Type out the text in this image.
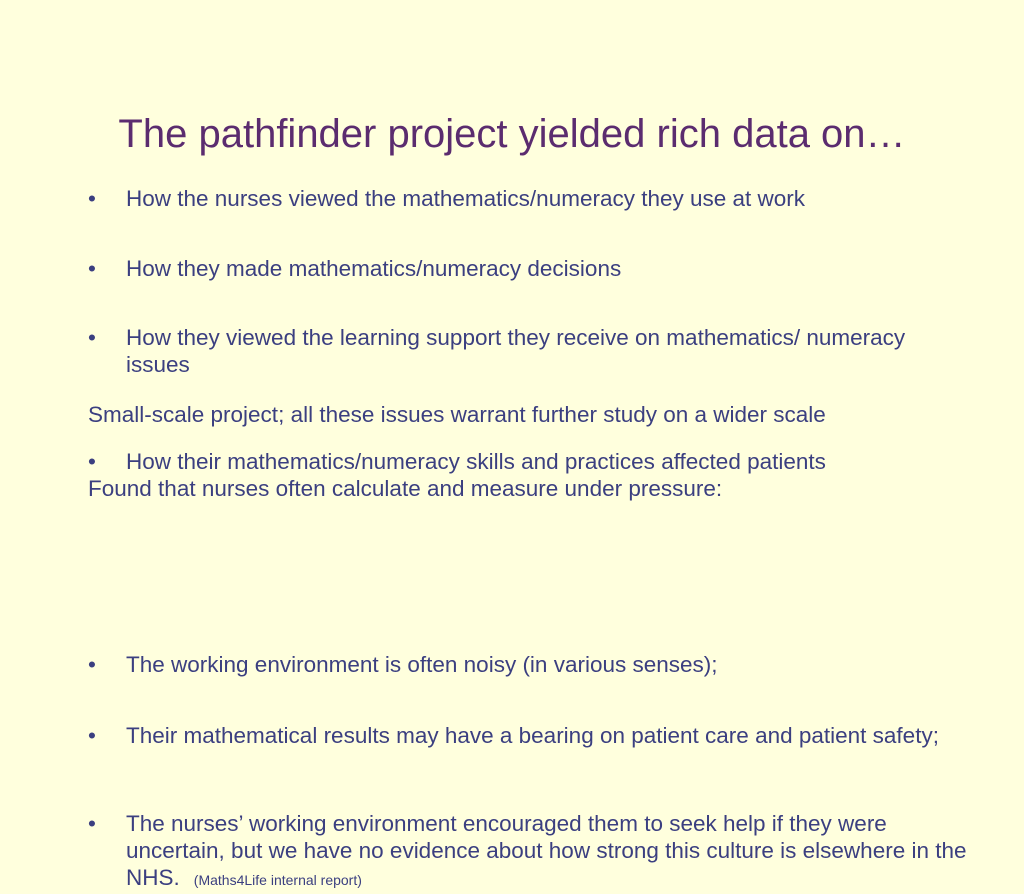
The pathfinder project yielded rich data on…
• How the nurses viewed the mathematics/numeracy they use at work
• How they made mathematics/numeracy decisions
• How they viewed the learning support they receive on mathematics/ numeracy issues
• How their mathematics/numeracy skills and practices affected patients

Small-scale project; all these issues warrant further study on a wider scale

Found that nurses often calculate and measure under pressure:

• The working environment is often noisy (in various senses);
• Their mathematical results may have a bearing on patient care and patient safety;
• The nurses’ working environment encouraged them to seek help if they were uncertain, but we have no evidence about how strong this culture is elsewhere in the NHS.   (Maths4Life internal report)
